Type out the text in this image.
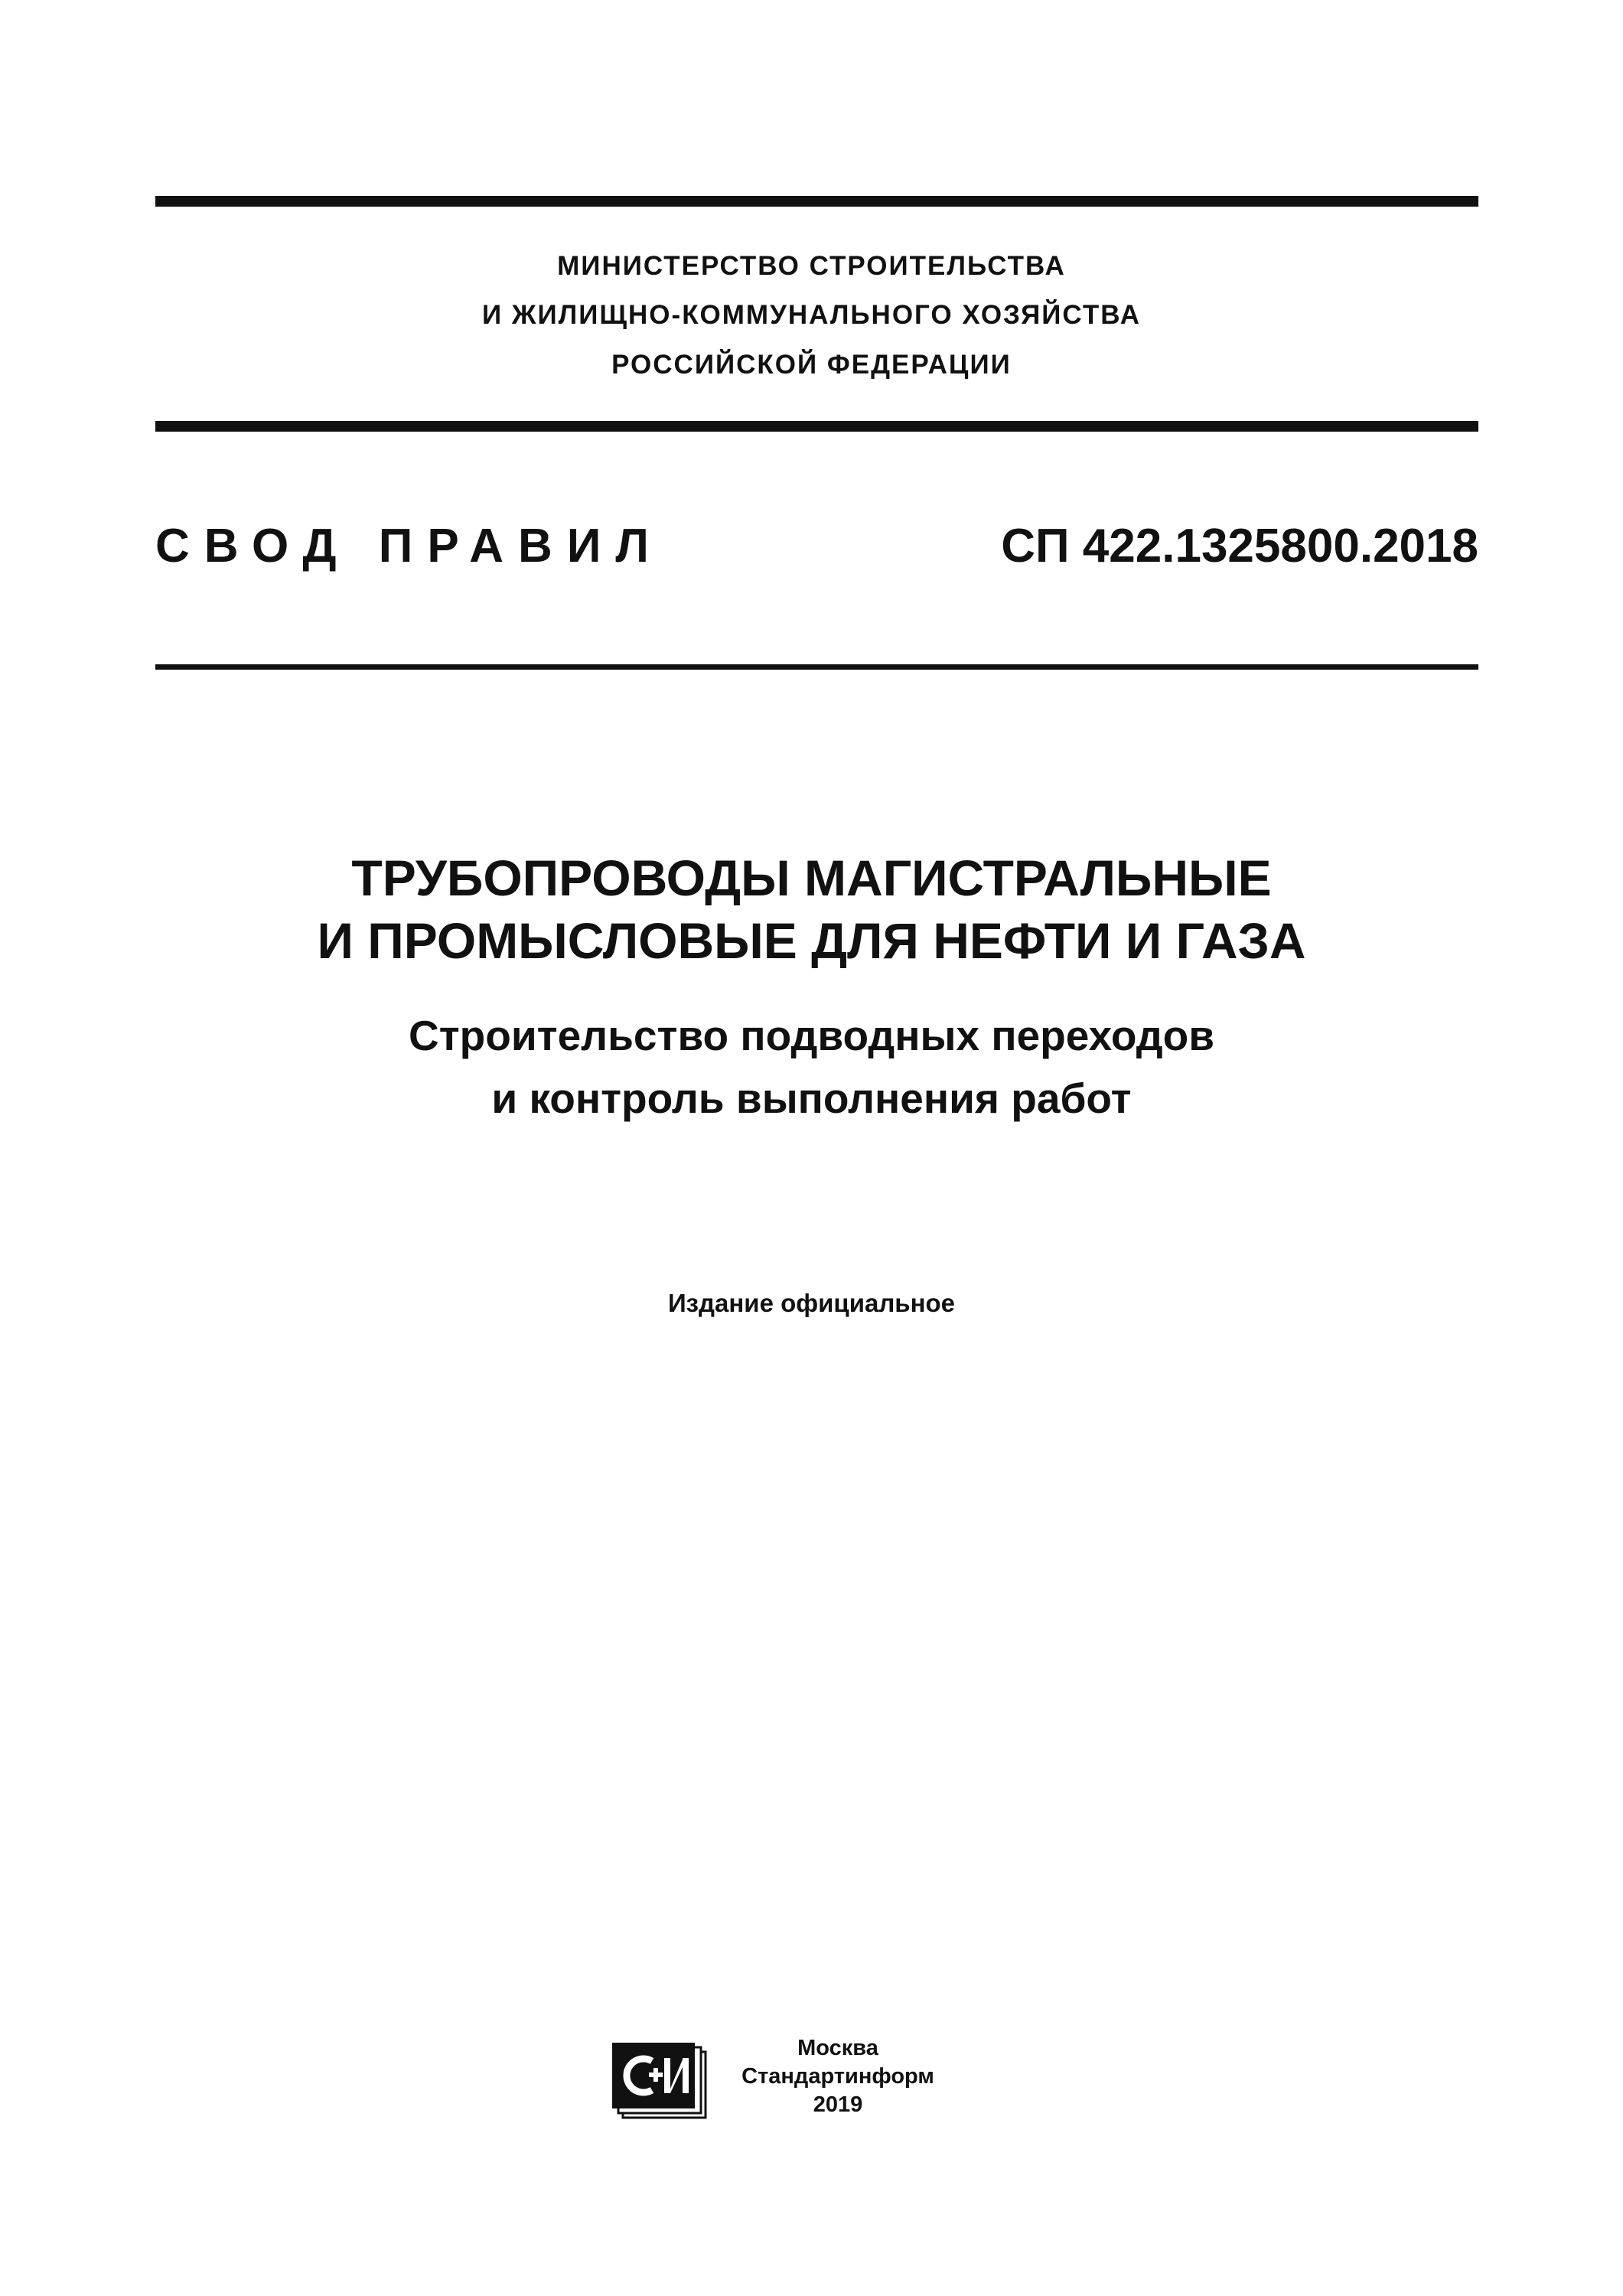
МИНИСТЕРСТВО СТРОИТЕЛЬСТВА
И ЖИЛИЩНО-КОММУНАЛЬНОГО ХОЗЯЙСТВА
РОССИЙСКОЙ ФЕДЕРАЦИИ
СВОД ПРАВИЛ	СП 422.1325800.2018
ТРУБОПРОВОДЫ МАГИСТРАЛЬНЫЕ
И ПРОМЫСЛОВЫЕ ДЛЯ НЕФТИ И ГАЗА
Строительство подводных переходов
и контроль выполнения работ
Издание официальное
Москва
Стандартинформ
2019
